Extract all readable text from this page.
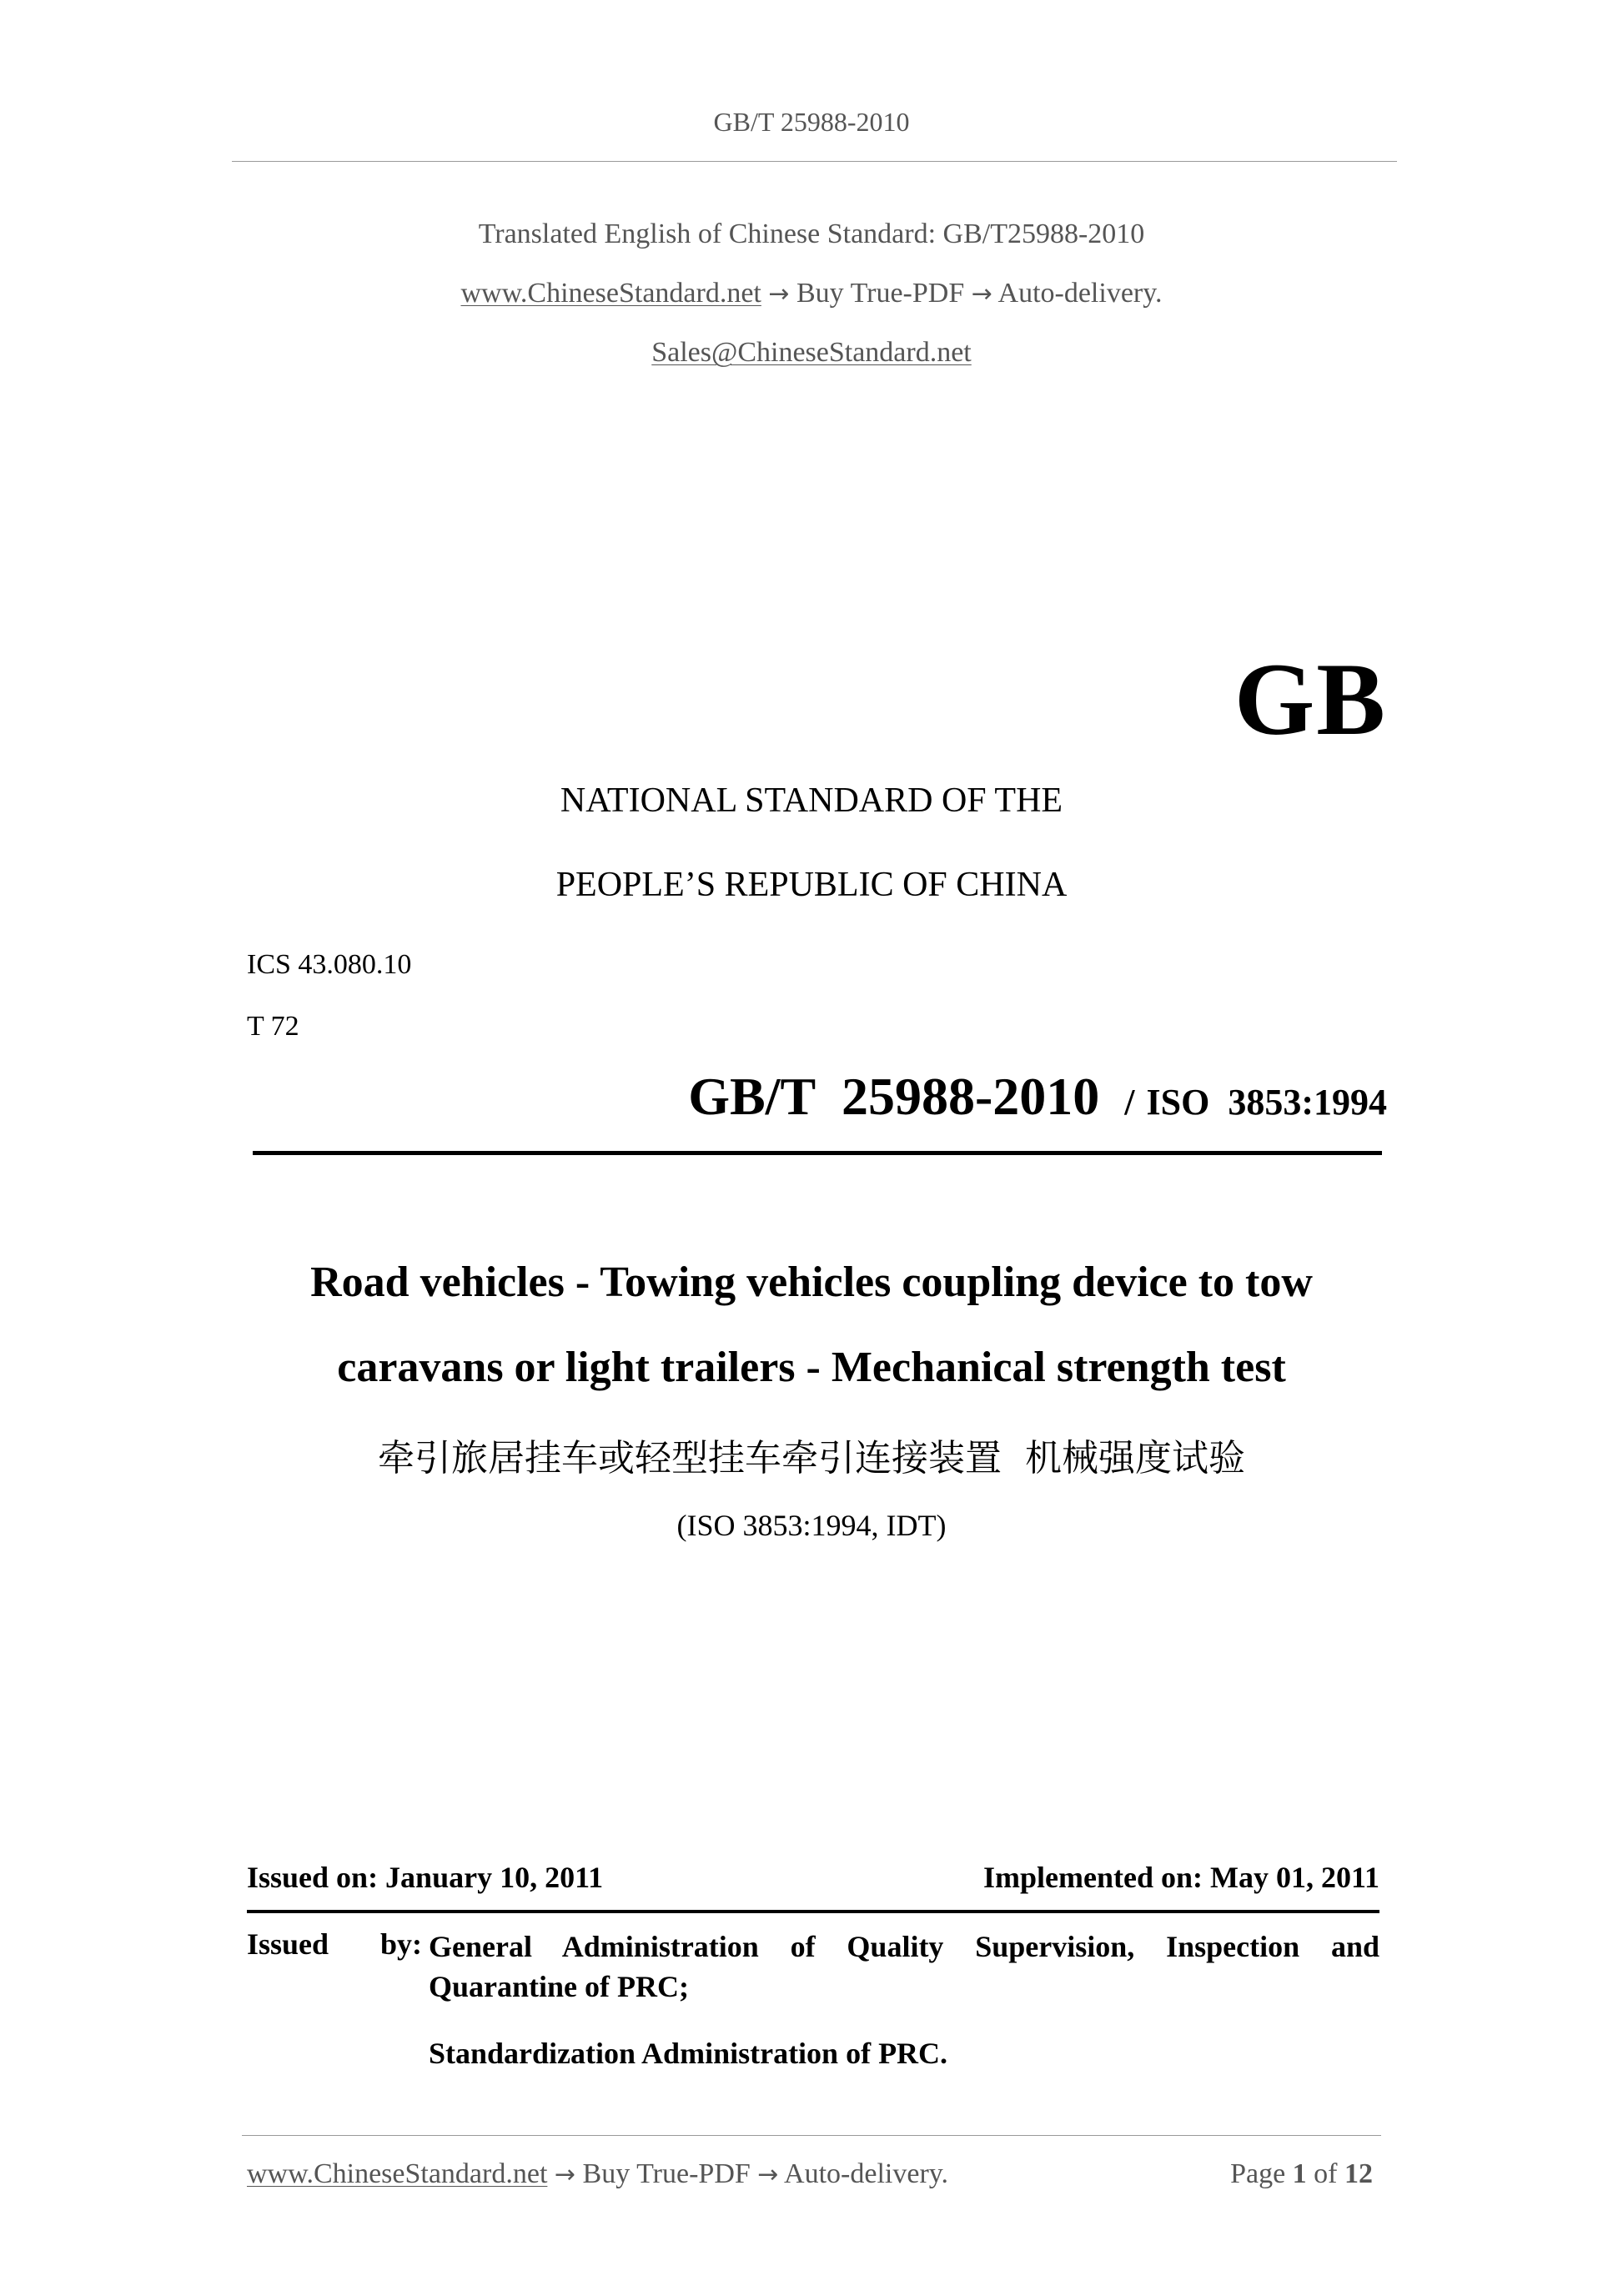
GB/T 25988-2010
Translated English of Chinese Standard: GB/T25988-2010
www.ChineseStandard.net → Buy True-PDF → Auto-delivery.
Sales@ChineseStandard.net
GB
NATIONAL STANDARD OF THE
PEOPLE’S REPUBLIC OF CHINA
ICS 43.080.10
T 72
GB/T  25988-2010 / ISO  3853:1994
Road vehicles - Towing vehicles coupling device to tow
caravans or light trailers - Mechanical strength test
牵引旅居挂车或轻型挂车牵引连接装置  机械强度试验
(ISO 3853:1994, IDT)
Issued on: January 10, 2011	Implemented on: May 01, 2011
Issued by: General Administration of Quality Supervision, Inspection and
Quarantine of PRC;
Standardization Administration of PRC.
www.ChineseStandard.net → Buy True-PDF → Auto-delivery.	Page 1 of 12
